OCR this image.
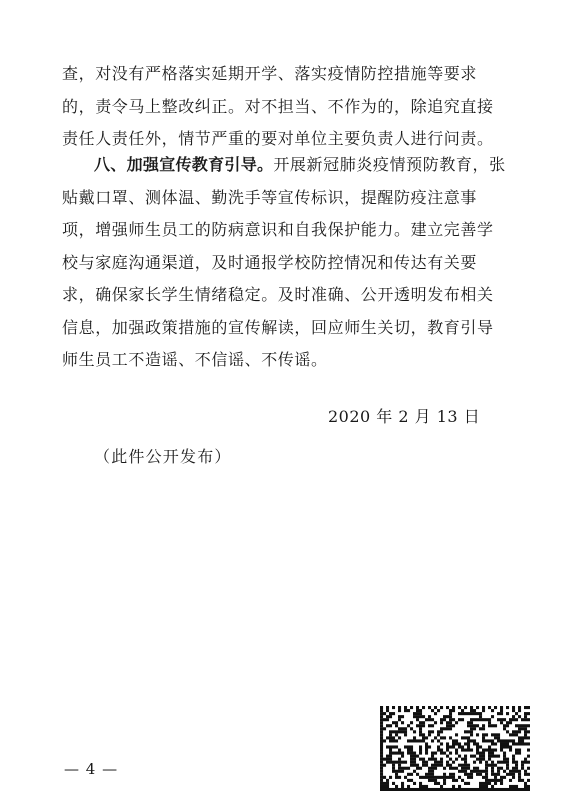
查，对没有严格落实延期开学、落实疫情防控措施等要求的，责令马上整改纠正。对不担当、不作为的，除追究直接责任人责任外，情节严重的要对单位主要负责人进行问责。

八、加强宣传教育引导。开展新冠肺炎疫情预防教育，张贴戴口罩、测体温、勤洗手等宣传标识，提醒防疫注意事项，增强师生员工的防病意识和自我保护能力。建立完善学校与家庭沟通渠道，及时通报学校防控情况和传达有关要求，确保家长学生情绪稳定。及时准确、公开透明发布相关信息，加强政策措施的宣传解读，回应师生关切，教育引导师生员工不造谣、不信谣、不传谣。

2020 年 2 月 13 日

（此件公开发布）

— 4 —
